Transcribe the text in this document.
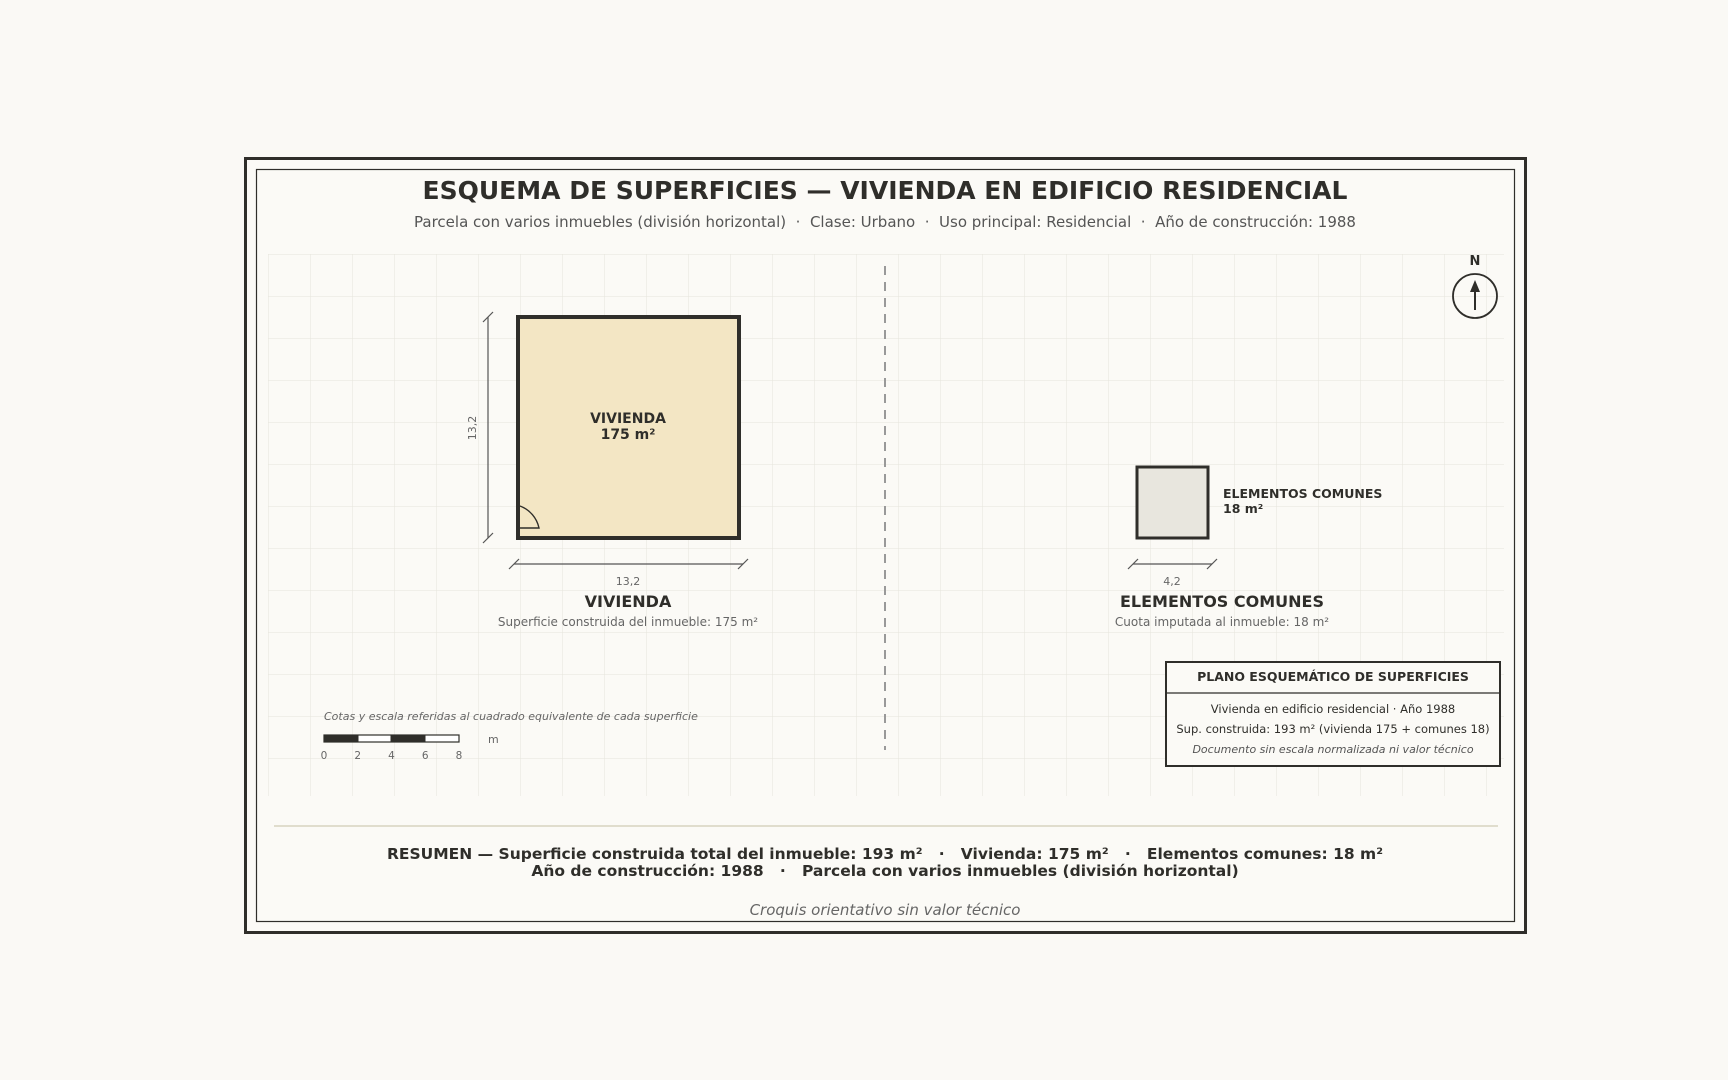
ESQUEMA DE SUPERFICIES — VIVIENDA EN EDIFICIO RESIDENCIAL
Parcela con varios inmuebles (división horizontal)  ·  Clase: Urbano  ·  Uso principal: Residencial  ·  Año de construcción: 1988
N
VIVIENDA
175 m²
13,2
13,2
VIVIENDA
Superficie construida del inmueble: 175 m²
ELEMENTOS COMUNES
18 m²
4,2
ELEMENTOS COMUNES
Cuota imputada al inmueble: 18 m²
Cotas y escala referidas al cuadrado equivalente de cada superficie
0	2	4	6	8
m
PLANO ESQUEMÁTICO DE SUPERFICIES
Vivienda en edificio residencial · Año 1988
Sup. construida: 193 m² (vivienda 175 + comunes 18)
Documento sin escala normalizada ni valor técnico
RESUMEN — Superficie construida total del inmueble: 193 m²   ·   Vivienda: 175 m²   ·   Elementos comunes: 18 m²
Año de construcción: 1988   ·   Parcela con varios inmuebles (división horizontal)
Croquis orientativo sin valor técnico
